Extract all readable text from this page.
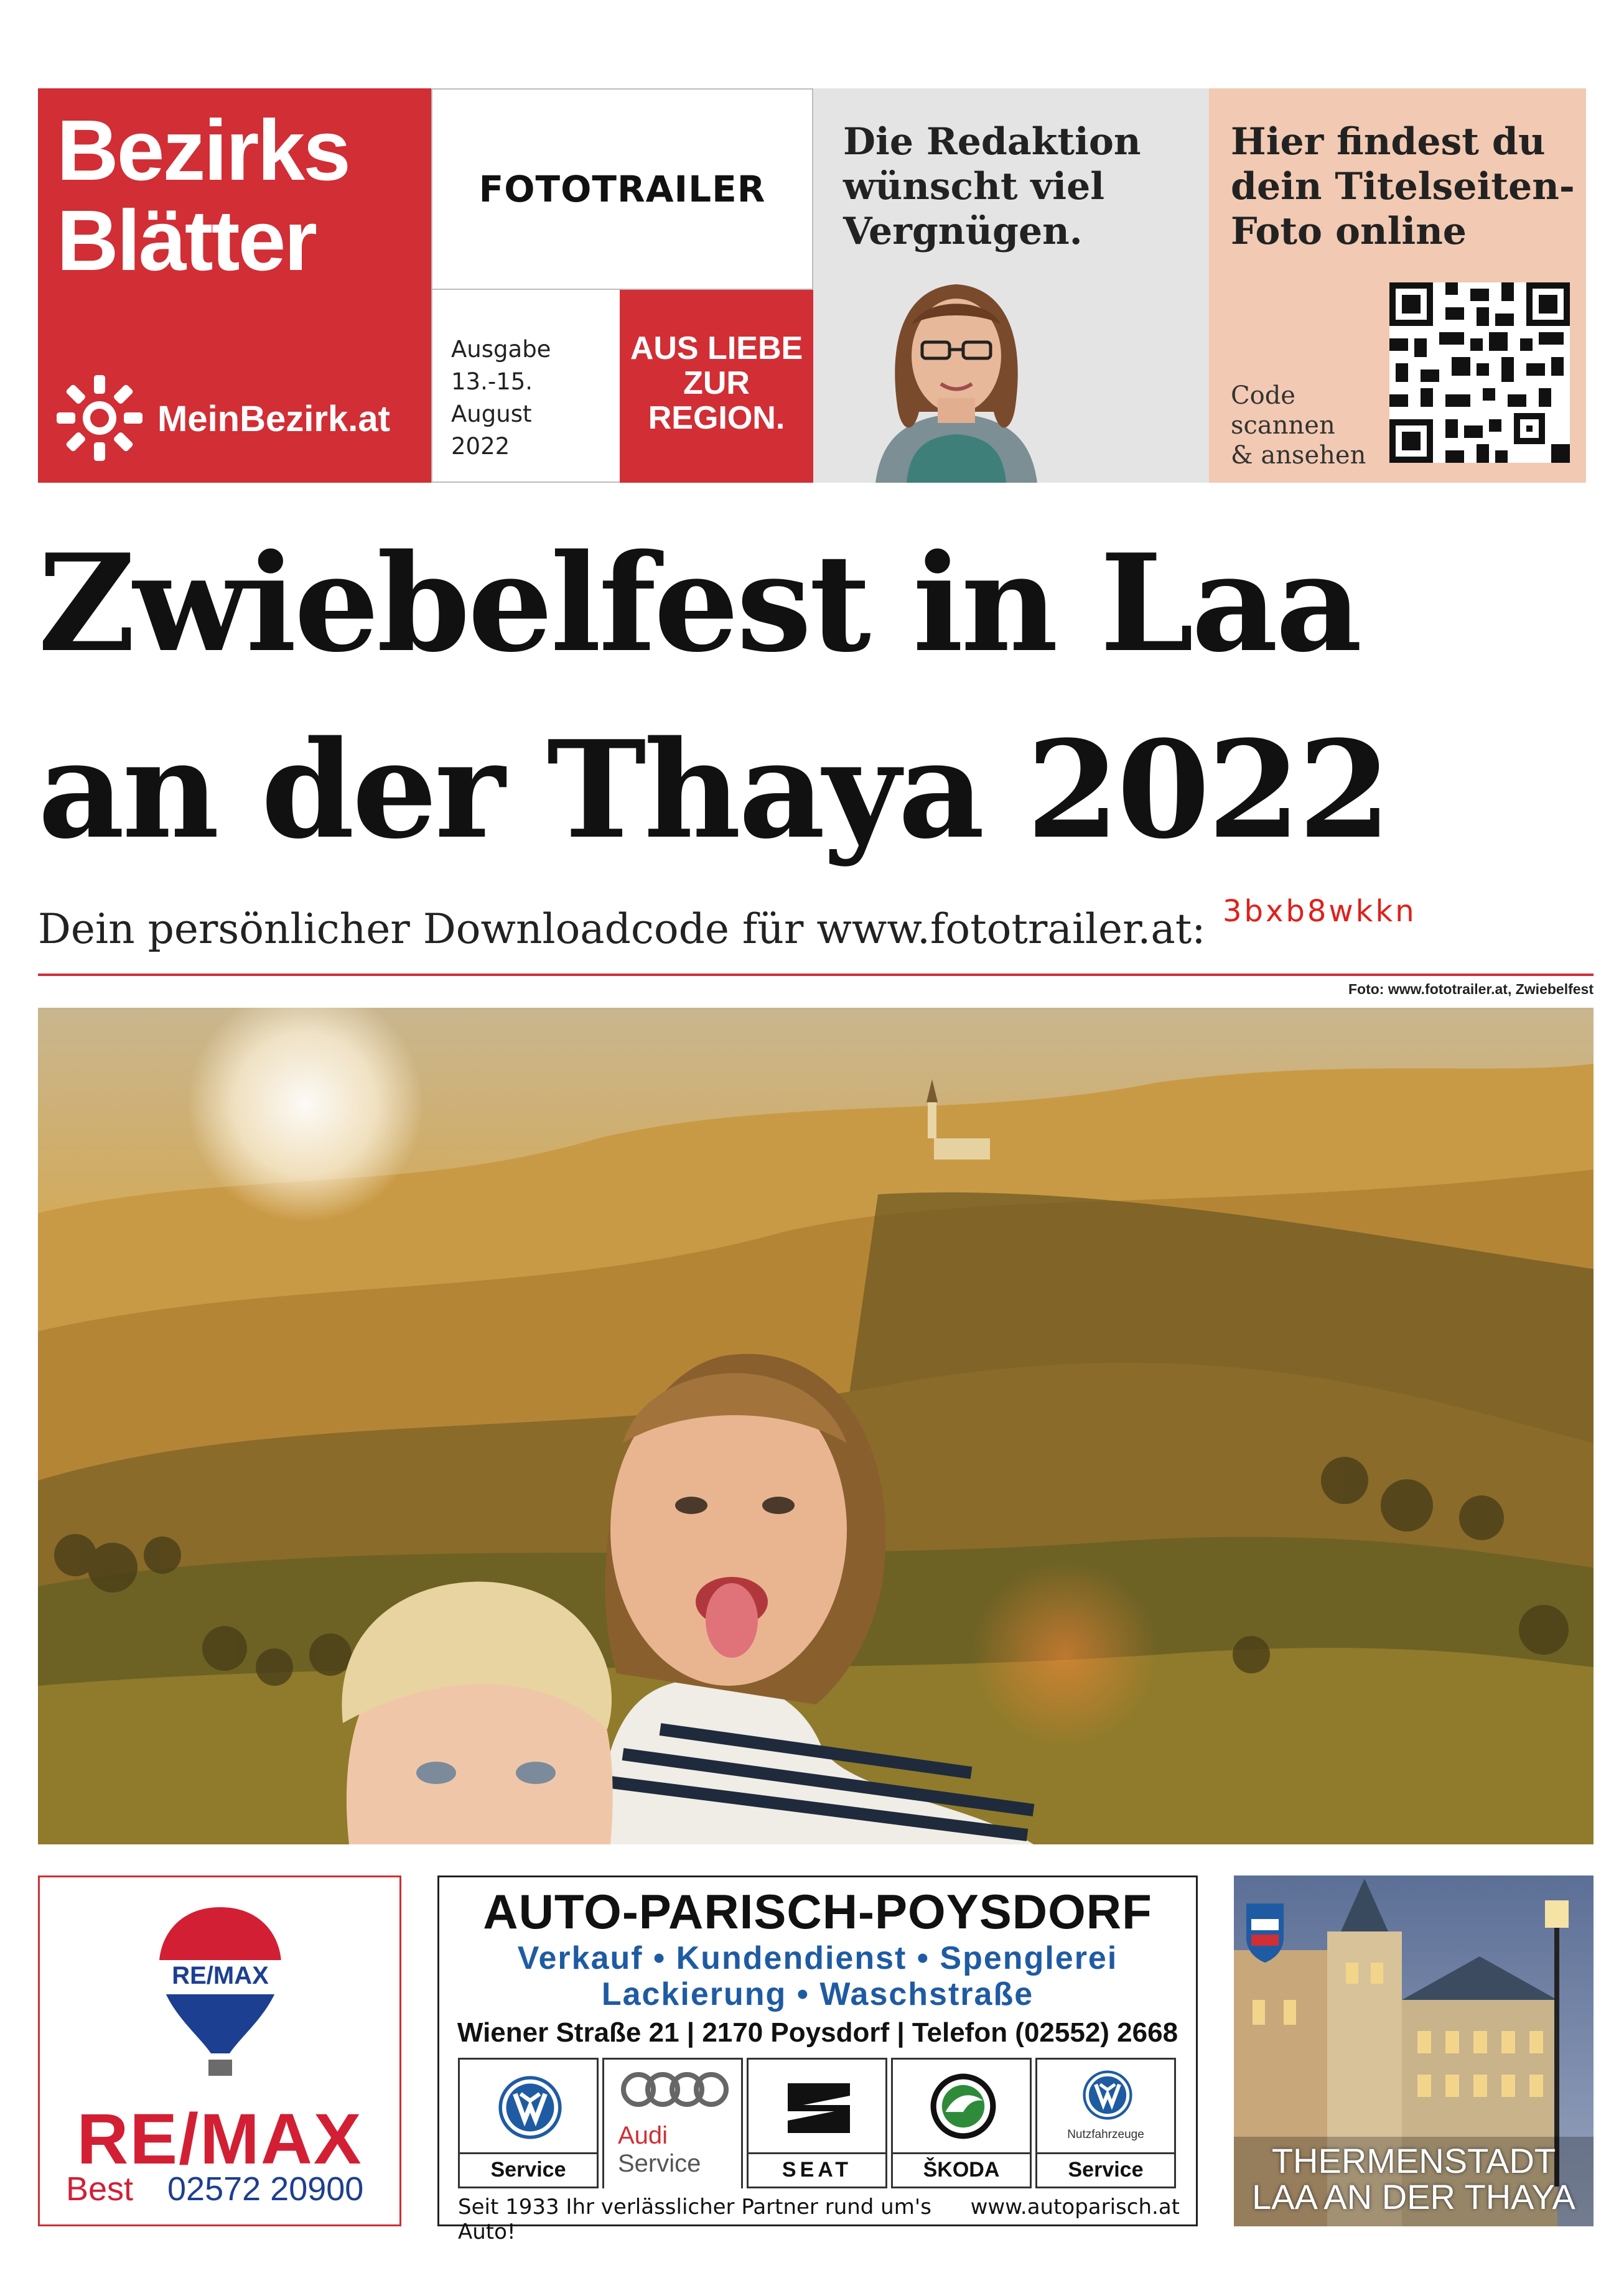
Bezirks
Blätter
MeinBezirk.at
FOTOTRAILER
Ausgabe
13.-15. August
2022
AUS LIEBE
ZUR
REGION.
Die Redaktion
wünscht viel
Vergnügen.
Hier findest du
dein Titelseiten-
Foto online
Code
scannen
& ansehen
Zwiebelfest in Laa
an der Thaya 2022
Dein persönlicher Downloadcode für www.fototrailer.at: 3bxb8wkkn
Foto: www.fototrailer.at, Zwiebelfest
RE/MAX
RE/MAX
Best 02572 20900
AUTO-PARISCH-POYSDORF
Verkauf • Kundendienst • Spenglerei
Lackierung • Waschstraße
Wiener Straße 21 | 2170 Poysdorf | Telefon (02552) 2668
Service
Audi
Service	SEAT	ŠKODA
Nutzfahrzeuge
Service
Seit 1933 Ihr verlässlicher Partner rund um's Auto!
www.autoparisch.at
THERMENSTADT
LAA AN DER THAYA
